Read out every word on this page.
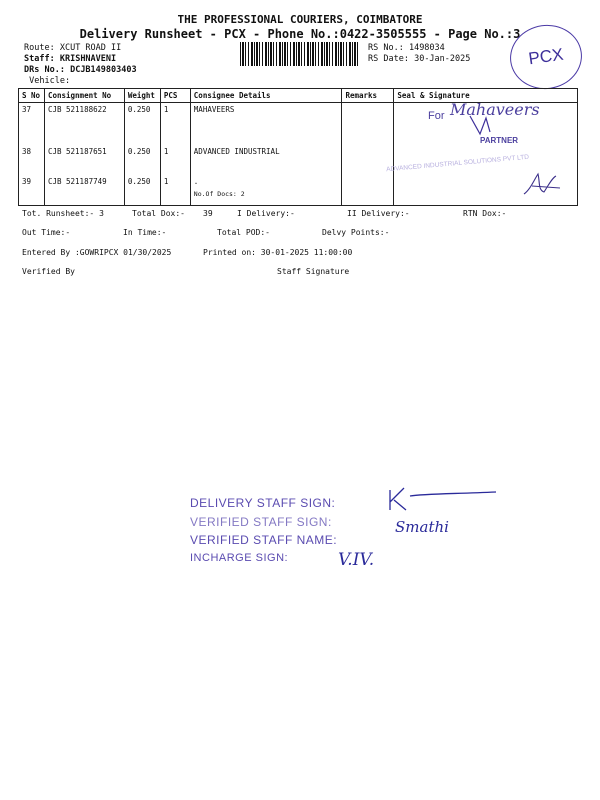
THE PROFESSIONAL COURIERS, COIMBATORE
Delivery Runsheet - PCX - Phone No.:0422-3505555 - Page No.:3
Route: XCUT ROAD II
Staff: KRISHNAVENI
DRs No.: DCJB149803403
Vehicle:
RS No.: 1498034
RS Date: 30-Jan-2025	PCX
S No	Consignment No	Weight	PCS	Consignee Details	Remarks	Seal & Signature
37	CJB 521188622	0.250	1	MAHAVEERS		
38	CJB 521187651	0.250	1	ADVANCED INDUSTRIAL		
39	CJB 521187749	0.250	1	.
No.Of Docs: 2		

For Mahaveers
PARTNER
ADVANCED INDUSTRIAL SOLUTIONS PVT LTD
Tot. Runsheet:- 3	Total Dox:- 39	I Delivery:-	II Delivery:-	RTN Dox:-
Out Time:-	In Time:-	Total POD:-	Delvy Points:-
Entered By :GOWRIPCX 01/30/2025	Printed on: 30-01-2025 11:00:00
Verified By	Staff Signature
DELIVERY STAFF SIGN:
VERIFIED STAFF SIGN:
VERIFIED STAFF NAME:
INCHARGE SIGN:
Smathi
V.IV.
